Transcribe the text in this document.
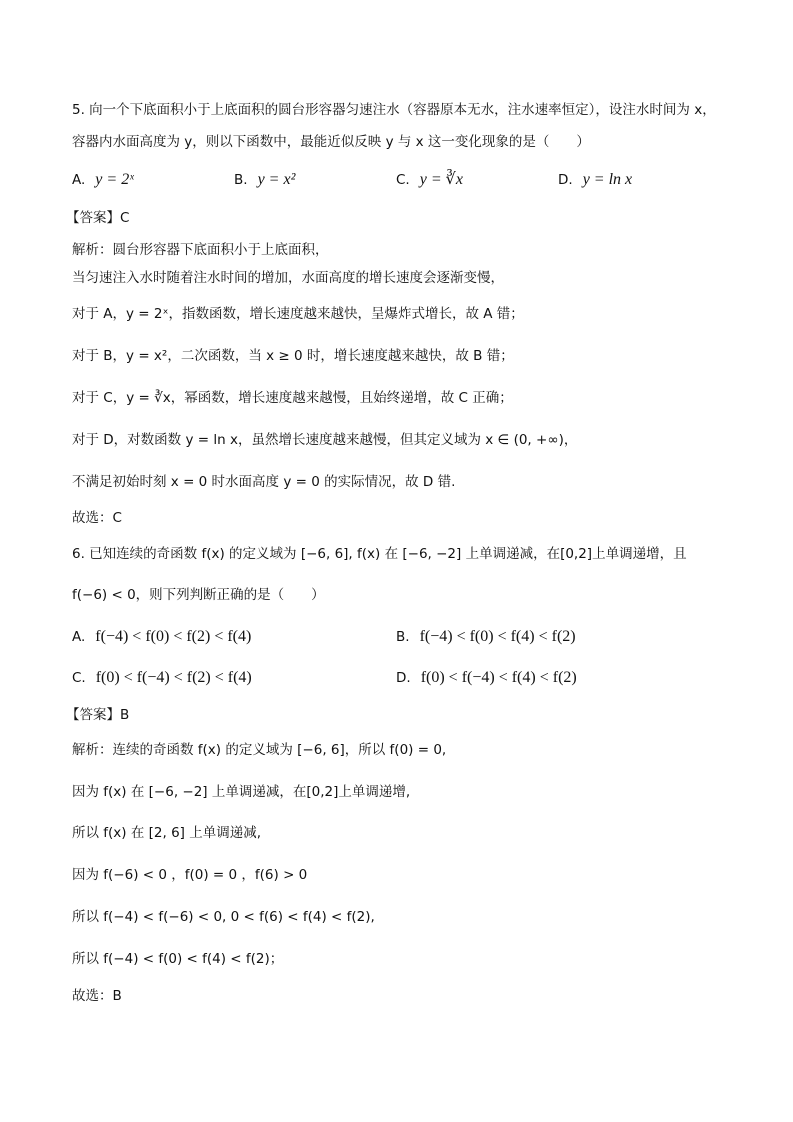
5. 向一个下底面积小于上底面积的圆台形容器匀速注水（容器原本无水，注水速率恒定），设注水时间为 x，
容器内水面高度为 y，则以下函数中，最能近似反映 y 与 x 这一变化现象的是（　　）
A. y = 2ˣ	B. y = x²	C. y = ∛x	D. y = ln x
【答案】C
解析：圆台形容器下底面积小于上底面积，
当匀速注入水时随着注水时间的增加，水面高度的增长速度会逐渐变慢，
对于 A，y = 2ˣ，指数函数，增长速度越来越快，呈爆炸式增长，故 A 错；
对于 B，y = x²，二次函数，当 x ≥ 0 时，增长速度越来越快，故 B 错；
对于 C，y = ∛x，幂函数，增长速度越来越慢，且始终递增，故 C 正确；
对于 D，对数函数 y = ln x，虽然增长速度越来越慢，但其定义域为 x ∈ (0, +∞)，
不满足初始时刻 x = 0 时水面高度 y = 0 的实际情况，故 D 错.
故选：C
6. 已知连续的奇函数 f(x) 的定义域为 [−6, 6], f(x) 在 [−6, −2] 上单调递减，在[0,2]上单调递增，且
f(−6) < 0，则下列判断正确的是（　　）
A. f(−4) < f(0) < f(2) < f(4)	B. f(−4) < f(0) < f(4) < f(2)
C. f(0) < f(−4) < f(2) < f(4)	D. f(0) < f(−4) < f(4) < f(2)
【答案】B
解析：连续的奇函数 f(x) 的定义域为 [−6, 6]，所以 f(0) = 0,
因为 f(x) 在 [−6, −2] 上单调递减，在[0,2]上单调递增,
所以 f(x) 在 [2, 6] 上单调递减,
因为 f(−6) < 0 ，f(0) = 0 ，f(6) > 0
所以 f(−4) < f(−6) < 0, 0 < f(6) < f(4) < f(2),
所以 f(−4) < f(0) < f(4) < f(2)；
故选：B
